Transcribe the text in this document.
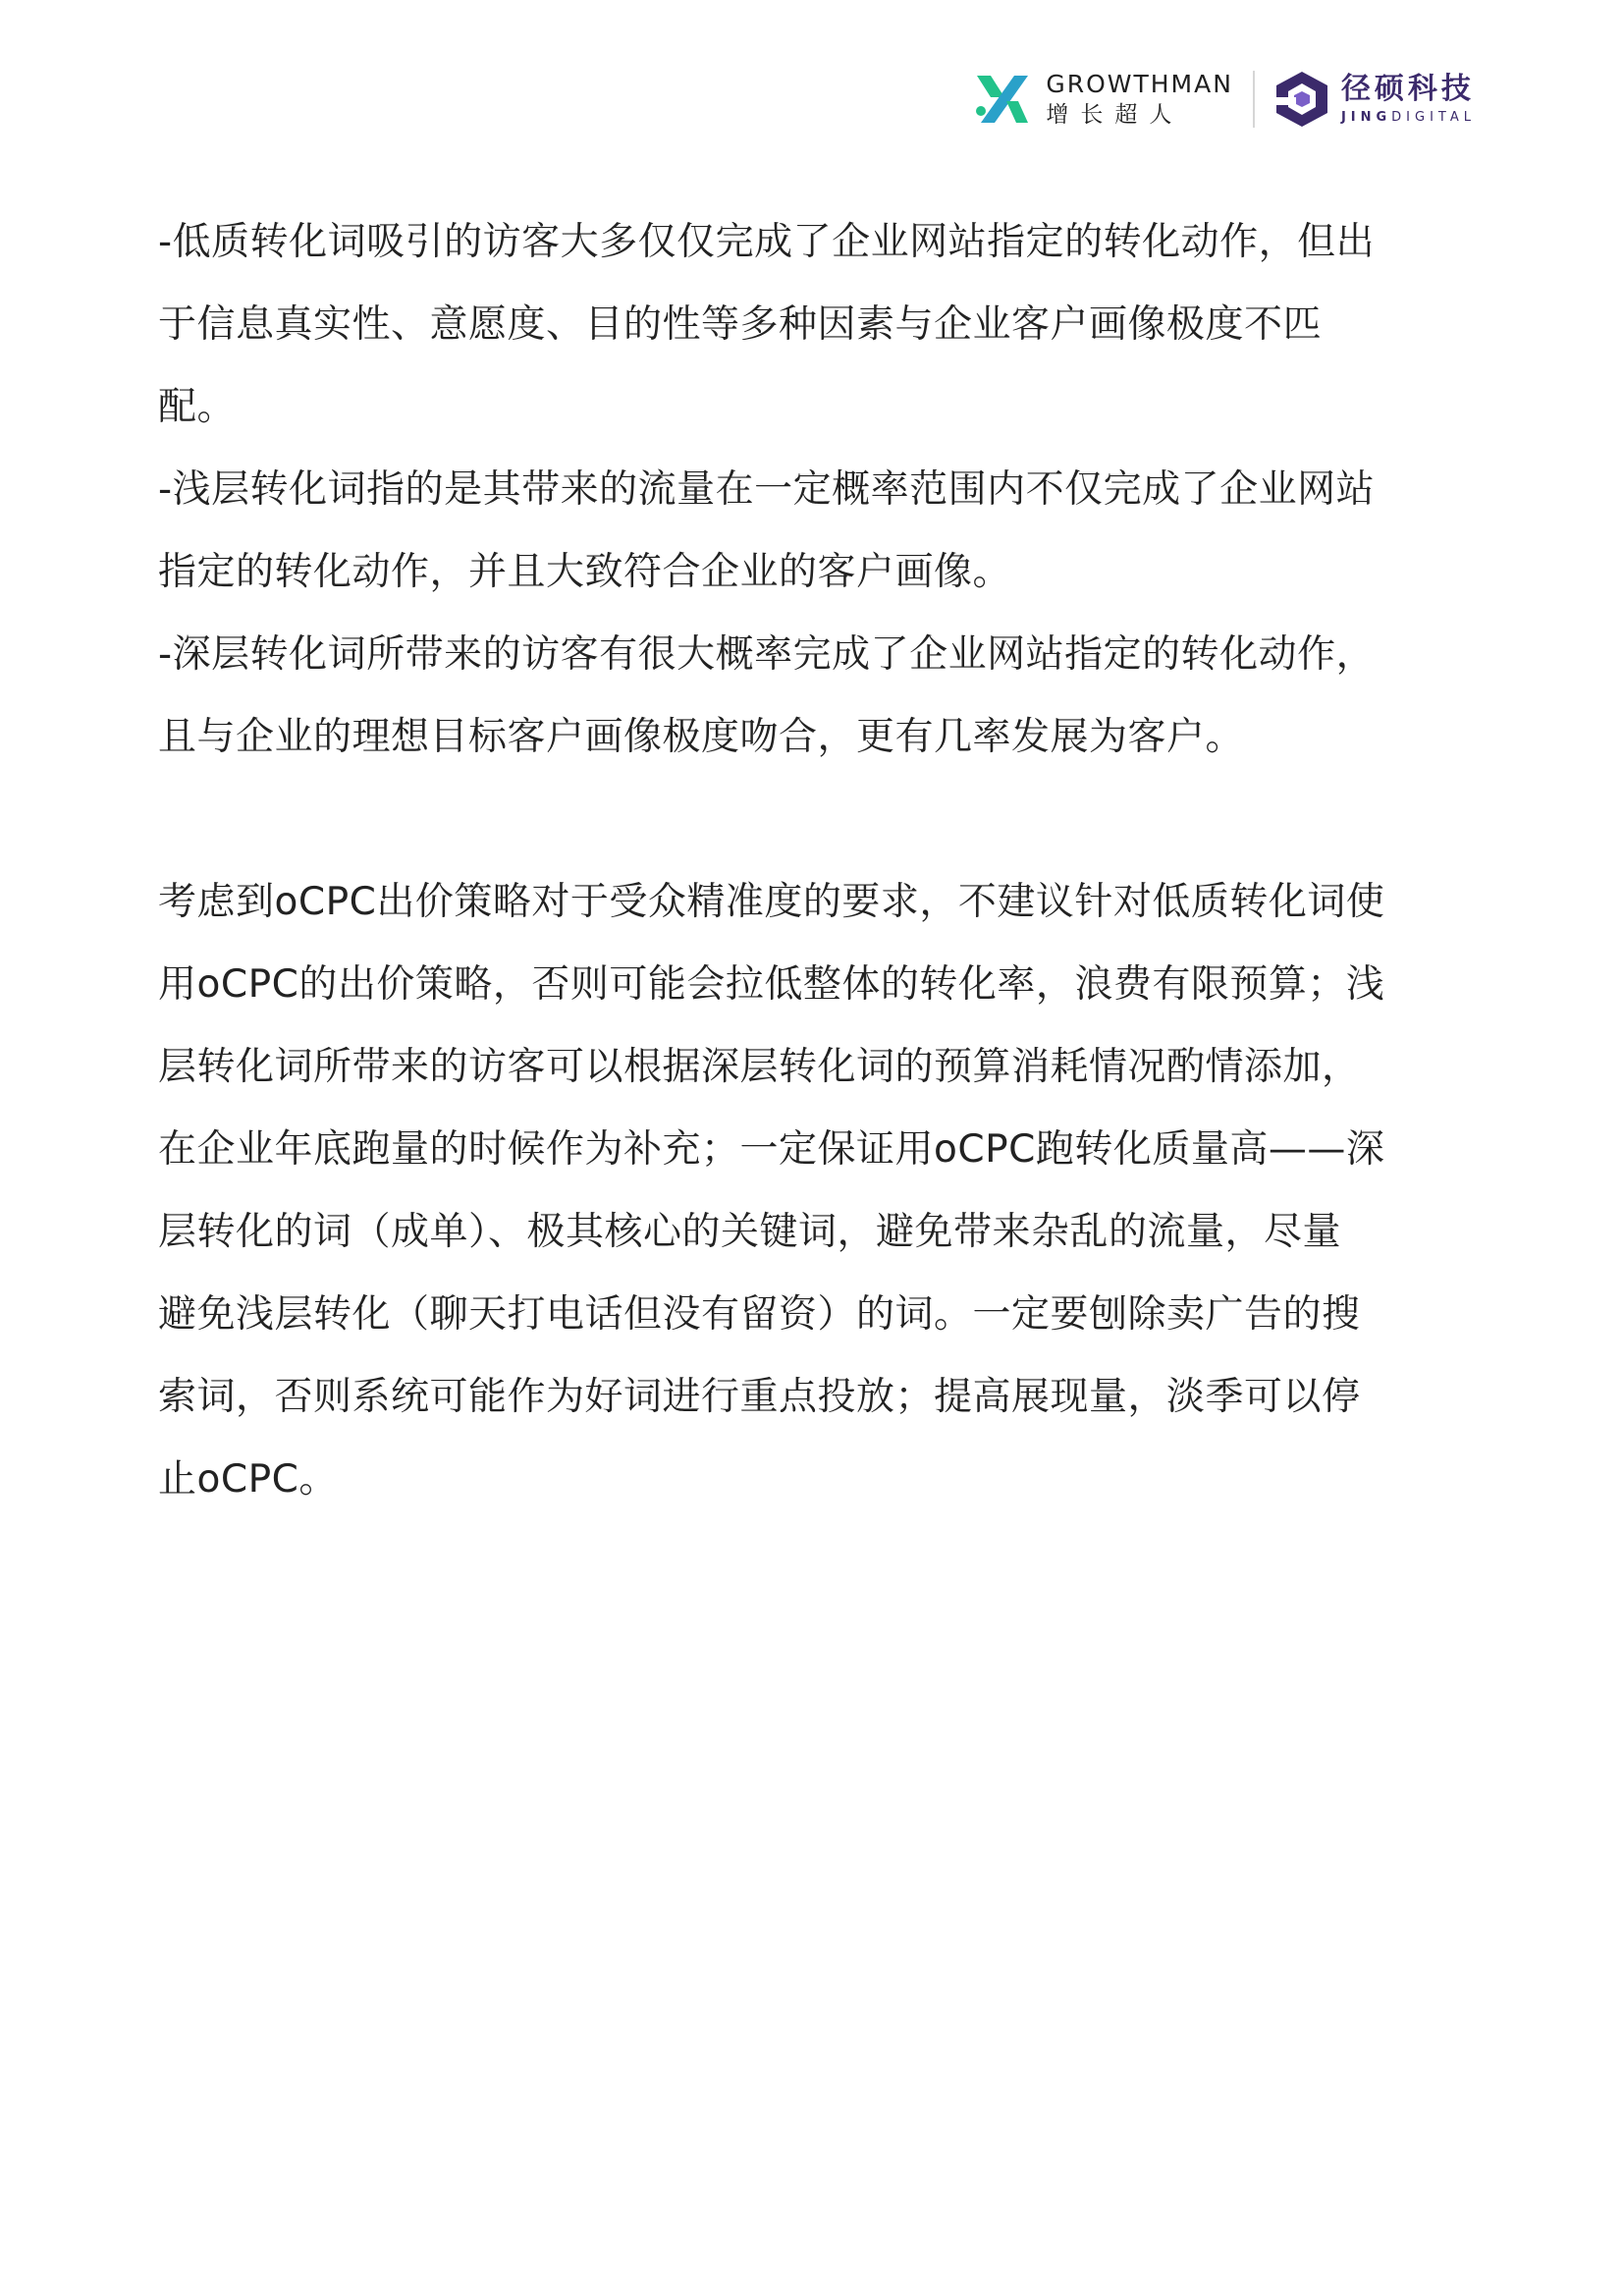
GROWTHMAN
增长超人
径硕科技
JINGDIGITAL

-低质转化词吸引的访客大多仅仅完成了企业网站指定的转化动作，但出

于信息真实性、意愿度、目的性等多种因素与企业客户画像极度不匹

配。

-浅层转化词指的是其带来的流量在一定概率范围内不仅完成了企业网站

指定的转化动作，并且大致符合企业的客户画像。

-深层转化词所带来的访客有很大概率完成了企业网站指定的转化动作，

且与企业的理想目标客户画像极度吻合，更有几率发展为客户。

考虑到oCPC出价策略对于受众精准度的要求，不建议针对低质转化词使

用oCPC的出价策略，否则可能会拉低整体的转化率，浪费有限预算；浅

层转化词所带来的访客可以根据深层转化词的预算消耗情况酌情添加，

在企业年底跑量的时候作为补充；一定保证用oCPC跑转化质量高——深

层转化的词（成单）、极其核心的关键词，避免带来杂乱的流量，尽量

避免浅层转化（聊天打电话但没有留资）的词。一定要刨除卖广告的搜

索词，否则系统可能作为好词进行重点投放；提高展现量，淡季可以停

止oCPC。
